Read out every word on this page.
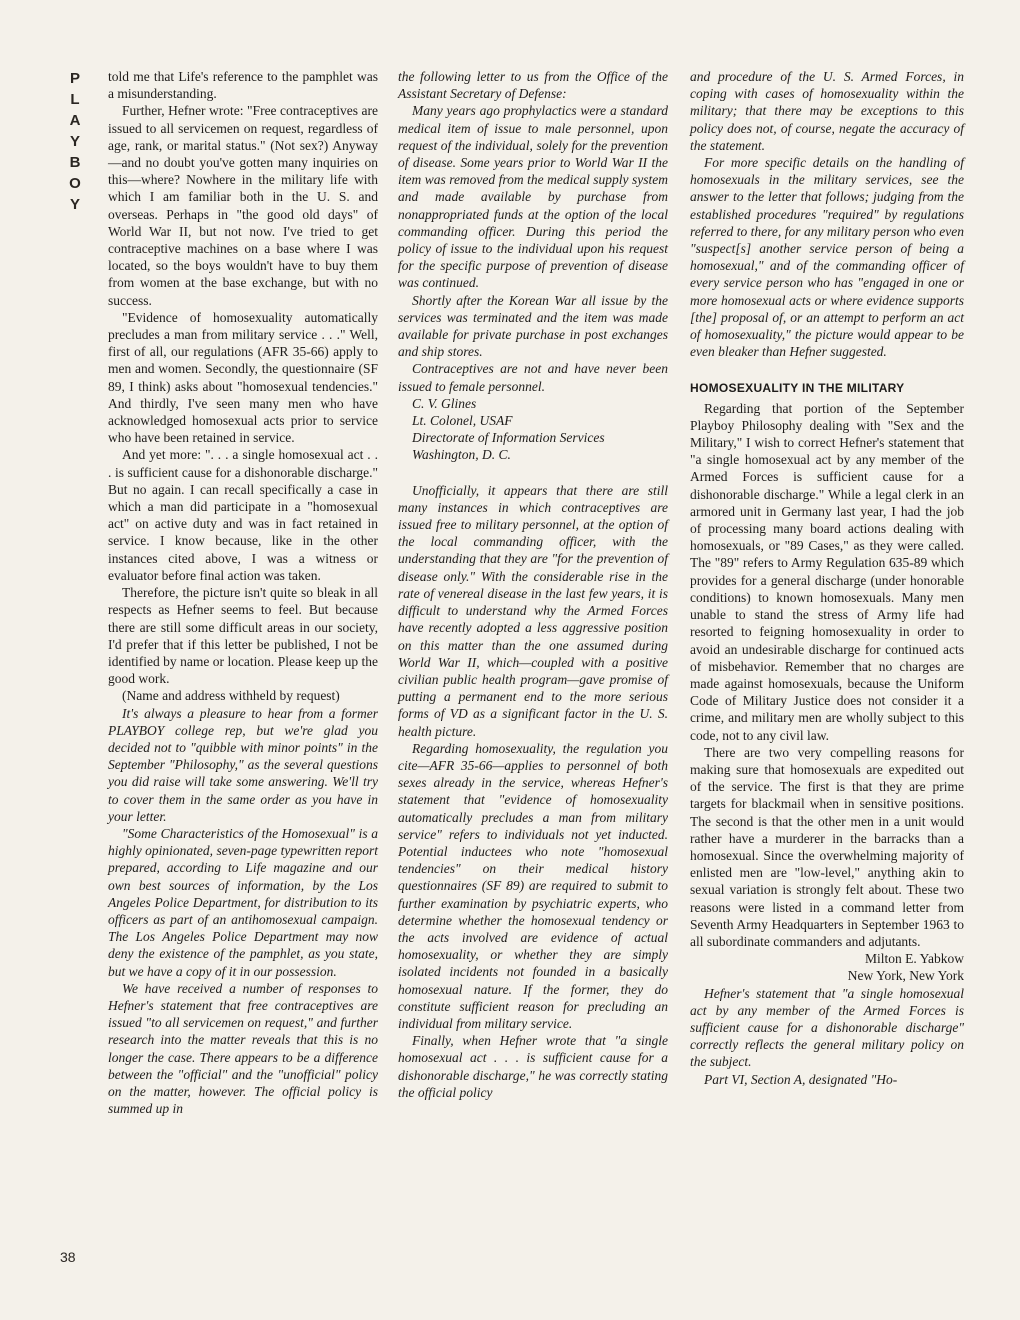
P
L
A
Y
B
O
Y
38

told me that Life's reference to the pamphlet was a misunderstanding.

Further, Hefner wrote: "Free contraceptives are issued to all servicemen on request, regardless of age, rank, or marital status." (Not sex?) Anyway—and no doubt you've gotten many inquiries on this—where? Nowhere in the military life with which I am familiar both in the U. S. and overseas. Perhaps in "the good old days" of World War II, but not now. I've tried to get contraceptive machines on a base where I was located, so the boys wouldn't have to buy them from women at the base exchange, but with no success.

"Evidence of homosexuality automatically precludes a man from military service . . ." Well, first of all, our regulations (AFR 35-66) apply to men and women. Secondly, the questionnaire (SF 89, I think) asks about "homosexual tendencies." And thirdly, I've seen many men who have acknowledged homosexual acts prior to service who have been retained in service.

And yet more: ". . . a single homosexual act . . . is sufficient cause for a dishonorable discharge." But no again. I can recall specifically a case in which a man did participate in a "homosexual act" on active duty and was in fact retained in service. I know because, like in the other instances cited above, I was a witness or evaluator before final action was taken.

Therefore, the picture isn't quite so bleak in all respects as Hefner seems to feel. But because there are still some difficult areas in our society, I'd prefer that if this letter be published, I not be identified by name or location. Please keep up the good work.

(Name and address withheld by request)

It's always a pleasure to hear from a former PLAYBOY college rep, but we're glad you decided not to "quibble with minor points" in the September "Philosophy," as the several questions you did raise will take some answering. We'll try to cover them in the same order as you have in your letter.

"Some Characteristics of the Homosexual" is a highly opinionated, seven-page typewritten report prepared, according to Life magazine and our own best sources of information, by the Los Angeles Police Department, for distribution to its officers as part of an antihomosexual campaign. The Los Angeles Police Department may now deny the existence of the pamphlet, as you state, but we have a copy of it in our possession.

We have received a number of responses to Hefner's statement that free contraceptives are issued "to all servicemen on request," and further research into the matter reveals that this is no longer the case. There appears to be a difference between the "official" and the "unofficial" policy on the matter, however. The official policy is summed up in

the following letter to us from the Office of the Assistant Secretary of Defense:

Many years ago prophylactics were a standard medical item of issue to male personnel, upon request of the individual, solely for the prevention of disease. Some years prior to World War II the item was removed from the medical supply system and made available by purchase from nonappropriated funds at the option of the local commanding officer. During this period the policy of issue to the individual upon his request for the specific purpose of prevention of disease was continued.

Shortly after the Korean War all issue by the services was terminated and the item was made available for private purchase in post exchanges and ship stores.

Contraceptives are not and have never been issued to female personnel.

C. V. Glines

Lt. Colonel, USAF

Directorate of Information Services

Washington, D. C.

Unofficially, it appears that there are still many instances in which contraceptives are issued free to military personnel, at the option of the local commanding officer, with the understanding that they are "for the prevention of disease only." With the considerable rise in the rate of venereal disease in the last few years, it is difficult to understand why the Armed Forces have recently adopted a less aggressive position on this matter than the one assumed during World War II, which—coupled with a positive civilian public health program—gave promise of putting a permanent end to the more serious forms of VD as a significant factor in the U. S. health picture.

Regarding homosexuality, the regulation you cite—AFR 35-66—applies to personnel of both sexes already in the service, whereas Hefner's statement that "evidence of homosexuality automatically precludes a man from military service" refers to individuals not yet inducted. Potential inductees who note "homosexual tendencies" on their medical history questionnaires (SF 89) are required to submit to further examination by psychiatric experts, who determine whether the homosexual tendency or the acts involved are evidence of actual homosexuality, or whether they are simply isolated incidents not founded in a basically homosexual nature. If the former, they do constitute sufficient reason for precluding an individual from military service.

Finally, when Hefner wrote that "a single homosexual act . . . is sufficient cause for a dishonorable discharge," he was correctly stating the official policy

and procedure of the U. S. Armed Forces, in coping with cases of homosexuality within the military; that there may be exceptions to this policy does not, of course, negate the accuracy of the statement.

For more specific details on the handling of homosexuals in the military services, see the answer to the letter that follows; judging from the established procedures "required" by regulations referred to there, for any military person who even "suspect[s] another service person of being a homosexual," and of the commanding officer of every service person who has "engaged in one or more homosexual acts or where evidence supports [the] proposal of, or an attempt to perform an act of homosexuality," the picture would appear to be even bleaker than Hefner suggested.

HOMOSEXUALITY IN THE MILITARY

Regarding that portion of the September Playboy Philosophy dealing with "Sex and the Military," I wish to correct Hefner's statement that "a single homosexual act by any member of the Armed Forces is sufficient cause for a dishonorable discharge." While a legal clerk in an armored unit in Germany last year, I had the job of processing many board actions dealing with homosexuals, or "89 Cases," as they were called. The "89" refers to Army Regulation 635-89 which provides for a general discharge (under honorable conditions) to known homosexuals. Many men unable to stand the stress of Army life had resorted to feigning homosexuality in order to avoid an undesirable discharge for continued acts of misbehavior. Remember that no charges are made against homosexuals, because the Uniform Code of Military Justice does not consider it a crime, and military men are wholly subject to this code, not to any civil law.

There are two very compelling reasons for making sure that homosexuals are expedited out of the service. The first is that they are prime targets for blackmail when in sensitive positions. The second is that the other men in a unit would rather have a murderer in the barracks than a homosexual. Since the overwhelming majority of enlisted men are "low-level," anything akin to sexual variation is strongly felt about. These two reasons were listed in a command letter from Seventh Army Headquarters in September 1963 to all subordinate commanders and adjutants.

Milton E. Yabkow

New York, New York

Hefner's statement that "a single homosexual act by any member of the Armed Forces is sufficient cause for a dishonorable discharge" correctly reflects the general military policy on the subject.

Part VI, Section A, designated "Ho-
